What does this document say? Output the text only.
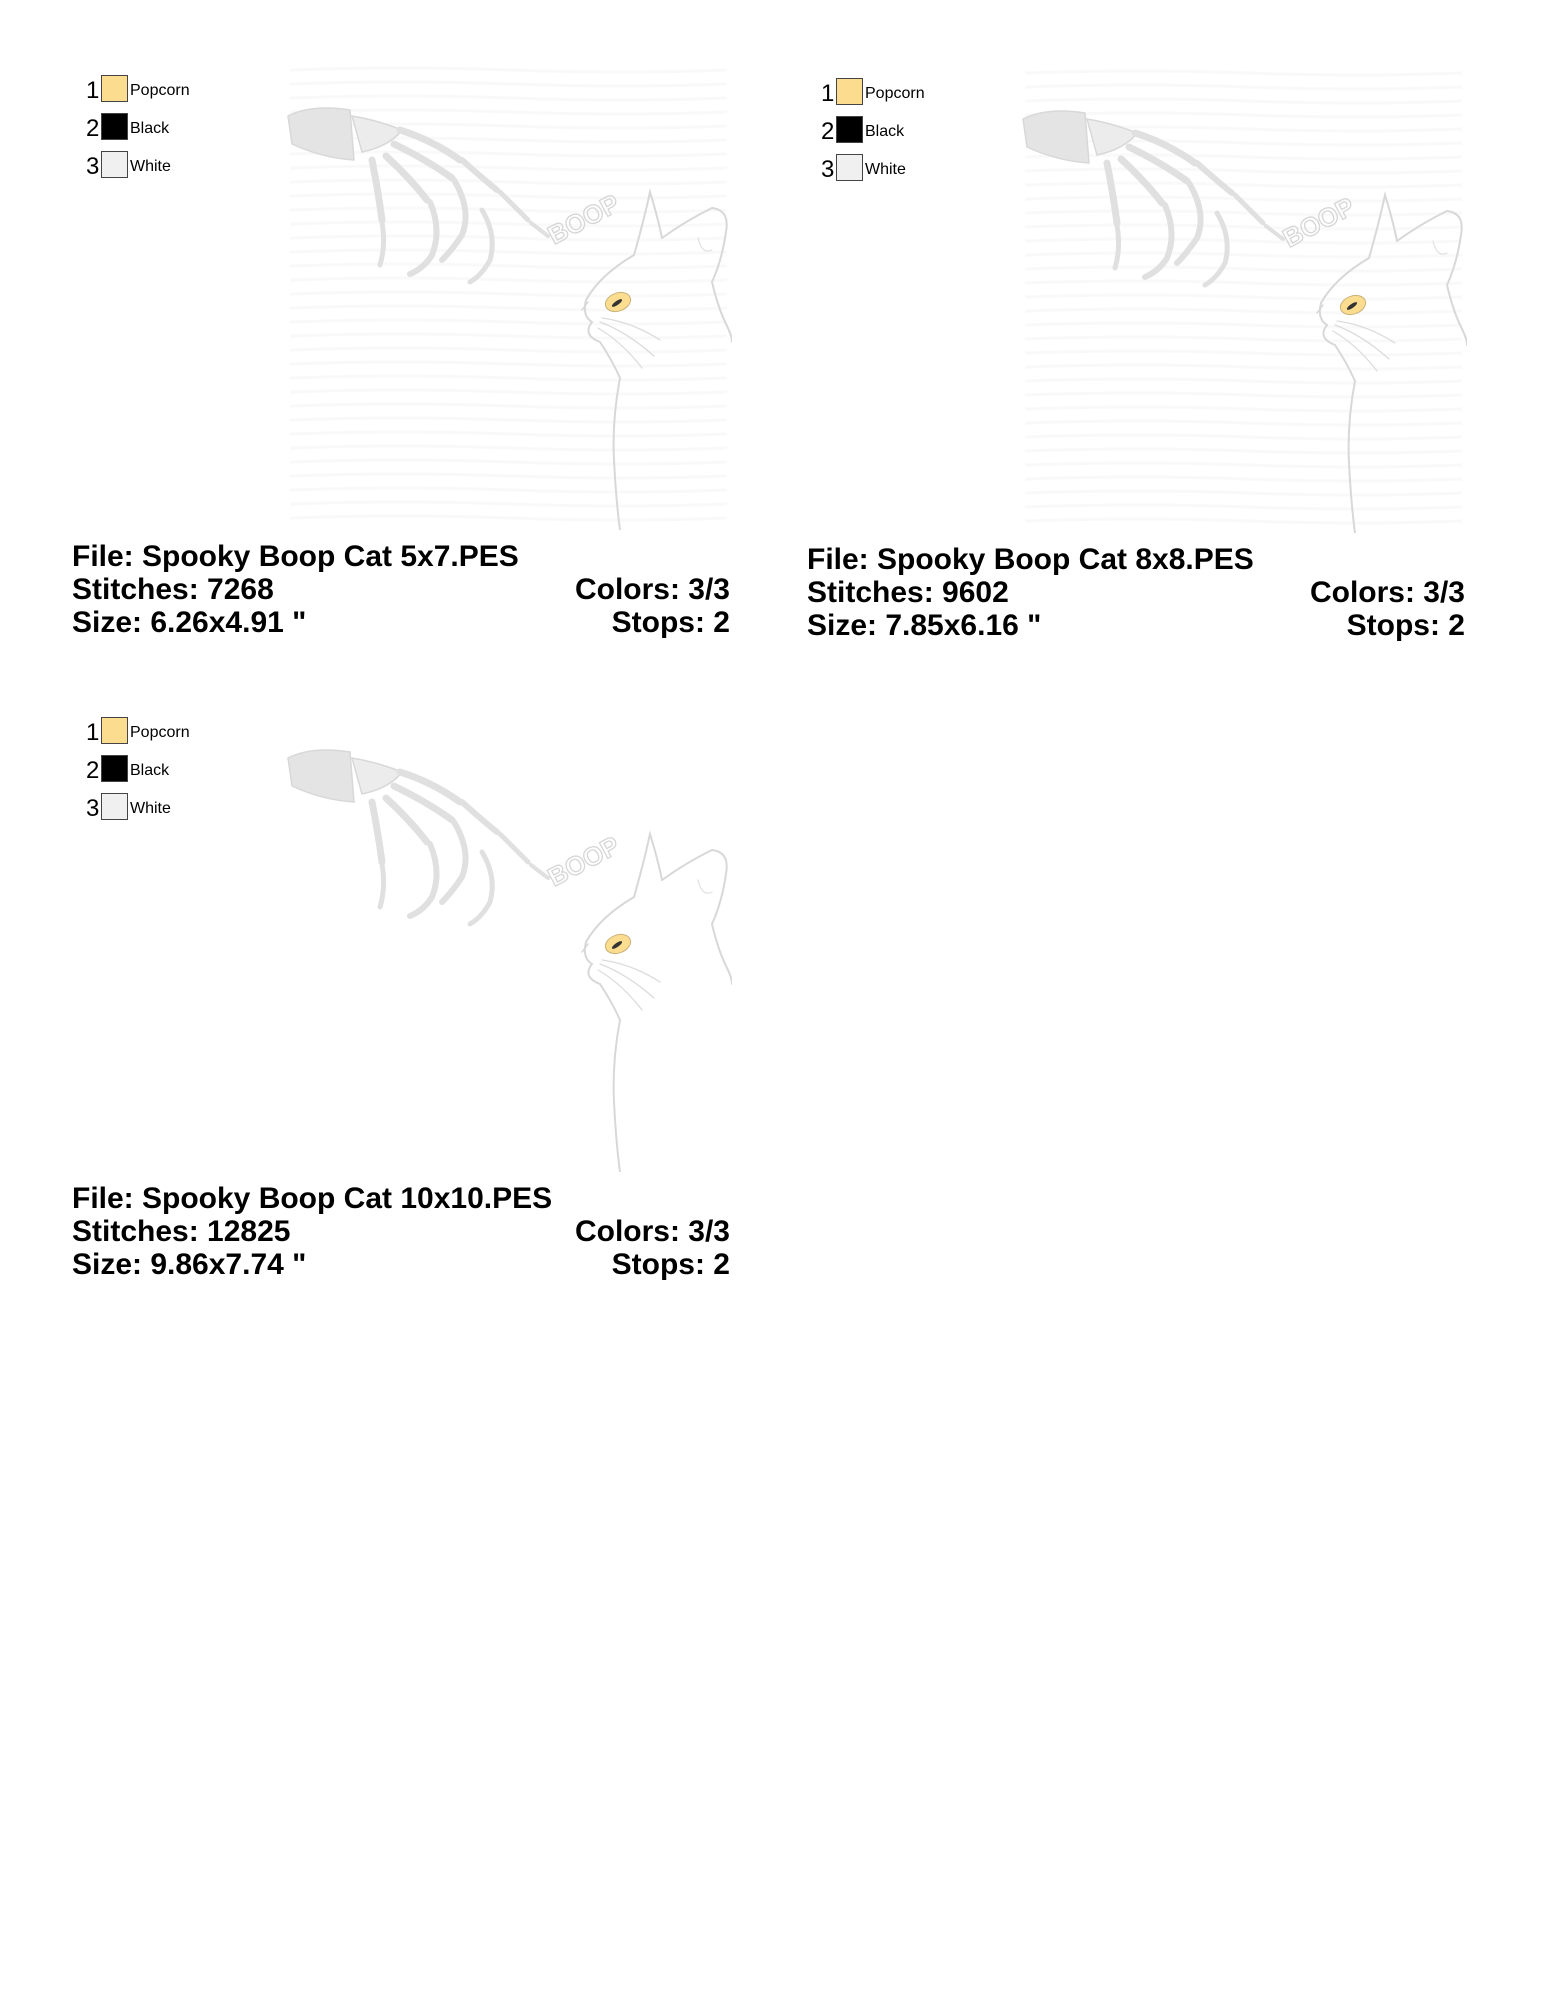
1 Popcorn
2 Black
3 White
BOOP
File: Spooky Boop Cat 5x7.PES
Stitches: 7268	Colors: 3/3
Size: 6.26x4.91 "	Stops: 2
1 Popcorn
2 Black
3 White
BOOP
File: Spooky Boop Cat 8x8.PES
Stitches: 9602	Colors: 3/3
Size: 7.85x6.16 "	Stops: 2
1 Popcorn
2 Black
3 White
BOOP
File: Spooky Boop Cat 10x10.PES
Stitches: 12825	Colors: 3/3
Size: 9.86x7.74 "	Stops: 2
